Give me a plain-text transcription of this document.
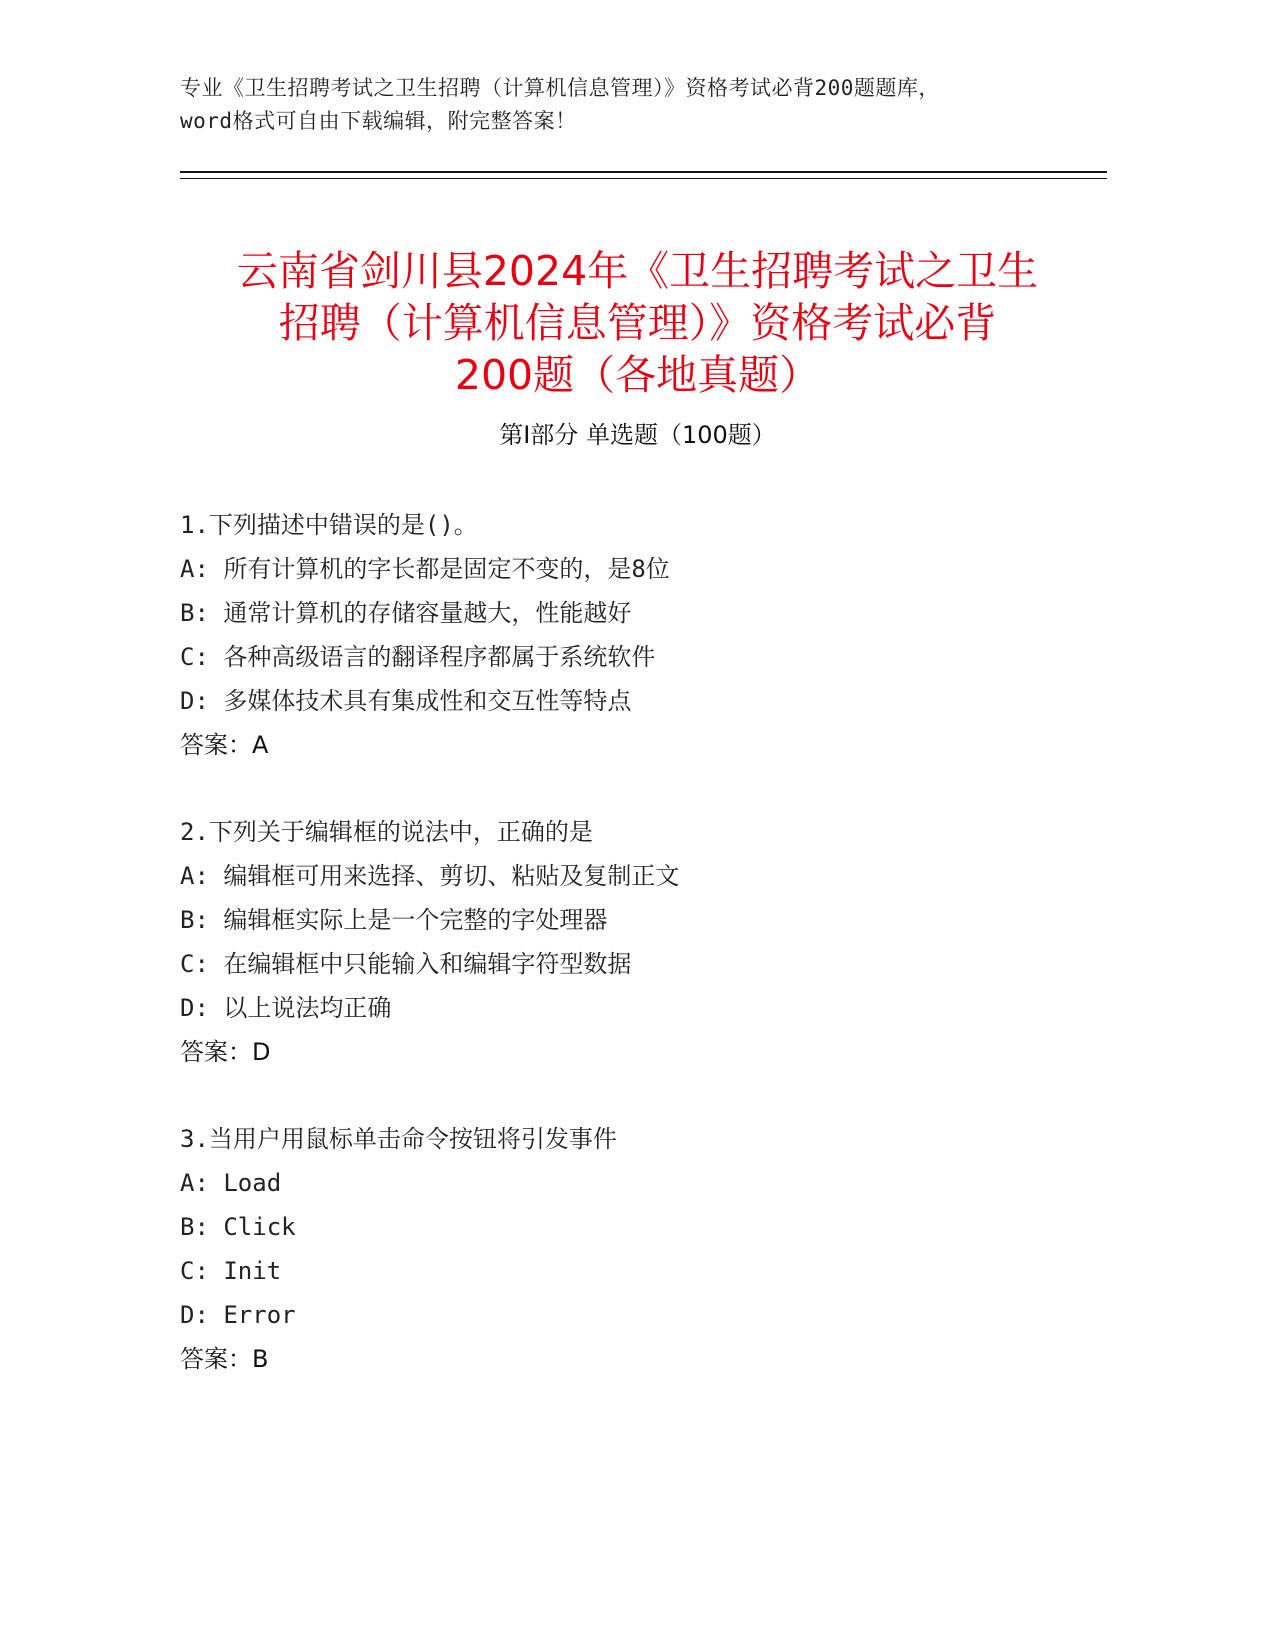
专业《卫生招聘考试之卫生招聘（计算机信息管理）》资格考试必背200题题库，
word格式可自由下载编辑，附完整答案！
云南省剑川县2024年《卫生招聘考试之卫生
招聘（计算机信息管理）》资格考试必背
200题（各地真题）
第Ⅰ部分 单选题（100题）
1.下列描述中错误的是()。
A: 所有计算机的字长都是固定不变的，是8位
B: 通常计算机的存储容量越大，性能越好
C: 各种高级语言的翻译程序都属于系统软件
D: 多媒体技术具有集成性和交互性等特点
答案：A
2.下列关于编辑框的说法中，正确的是
A: 编辑框可用来选择、剪切、粘贴及复制正文
B: 编辑框实际上是一个完整的字处理器
C: 在编辑框中只能输入和编辑字符型数据
D: 以上说法均正确
答案：D
3.当用户用鼠标单击命令按钮将引发事件
A: Load
B: Click
C: Init
D: Error
答案：B
